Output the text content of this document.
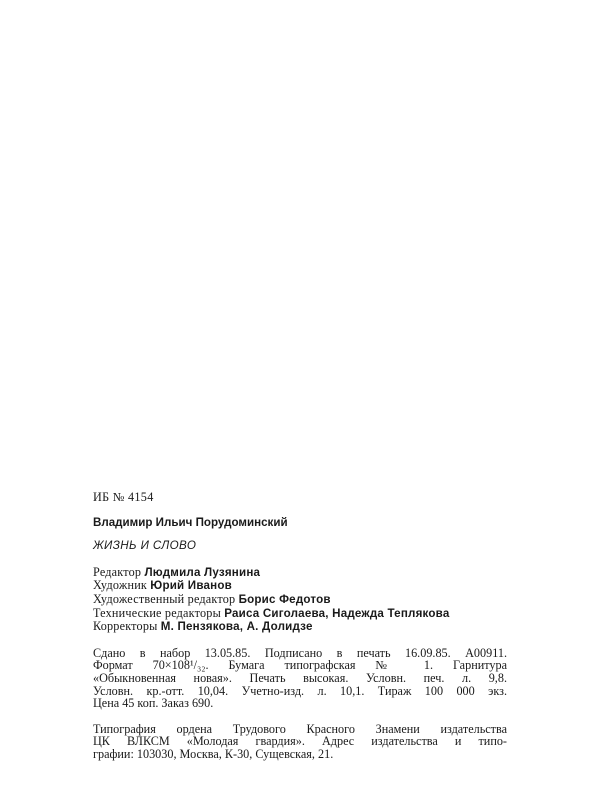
ИБ № 4154
Владимир Ильич Порудоминский
ЖИЗНЬ И СЛОВО
Редактор Людмила Лузянина
Художник Юрий Иванов
Художественный редактор Борис Федотов
Технические редакторы Раиса Сиголаева, Надежда Теплякова
Корректоры М. Пензякова, А. Долидзе
Сдано в набор 13.05.85. Подписано в печать 16.09.85. А00911.
Формат 70×108¹/₃₂. Бумага типографская № 1. Гарнитура
«Обыкновенная новая». Печать высокая. Условн. печ. л. 9,8.
Условн. кр.-отт. 10,04. Учетно-изд. л. 10,1. Тираж 100 000 экз.
Цена 45 коп. Заказ 690.
Типография ордена Трудового Красного Знамени издательства
ЦК ВЛКСМ «Молодая гвардия». Адрес издательства и типо-
графии: 103030, Москва, К-30, Сущевская, 21.
